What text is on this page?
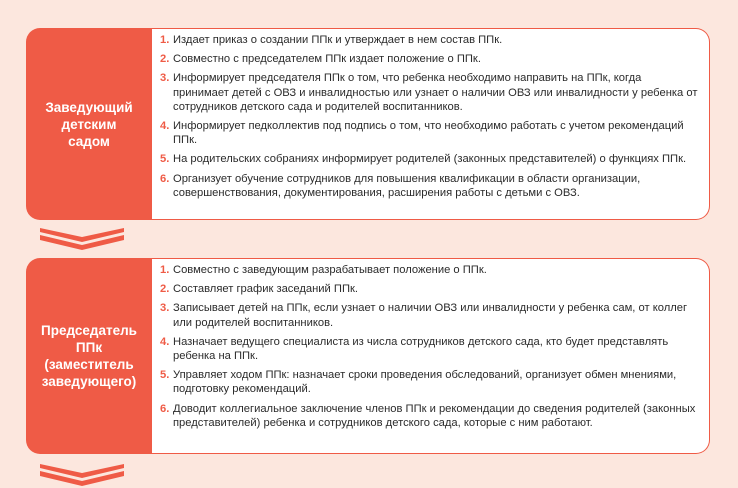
Заведующий
детским
садом
1. Издает приказ о создании ППк и утверждает в нем состав ППк.
2. Совместно с председателем ППк издает положение о ППк.
3. Информирует председателя ППк о том, что ребенка необходимо направить на ППк, когда принимает детей с ОВЗ и инвалидностью или узнает о наличии ОВЗ или инвалидности у ребенка от сотрудников детского сада и родителей воспитанников.
4. Информирует педколлектив под подпись о том, что необходимо работать с учетом рекомендаций ППк.
5. На родительских собраниях информирует родителей (законных представителей) о функциях ППк.
6. Организует обучение сотрудников для повышения квалификации в области организации, совершенствования, документирования, расширения работы с детьми с ОВЗ.
Председатель
ППк
(заместитель
заведующего)
1. Совместно с заведующим разрабатывает положение о ППк.
2. Составляет график заседаний ППк.
3. Записывает детей на ППк, если узнает о наличии ОВЗ или инвалидности у ребенка сам, от коллег или родителей воспитанников.
4. Назначает ведущего специалиста из числа сотрудников детского сада, кто будет представлять ребенка на ППк.
5. Управляет ходом ППк: назначает сроки проведения обследований, организует обмен мнениями, подготовку рекомендаций.
6. Доводит коллегиальное заключение членов ППк и рекомендации до сведения родителей (законных представителей) ребенка и сотрудников детского сада, которые с ним работают.
